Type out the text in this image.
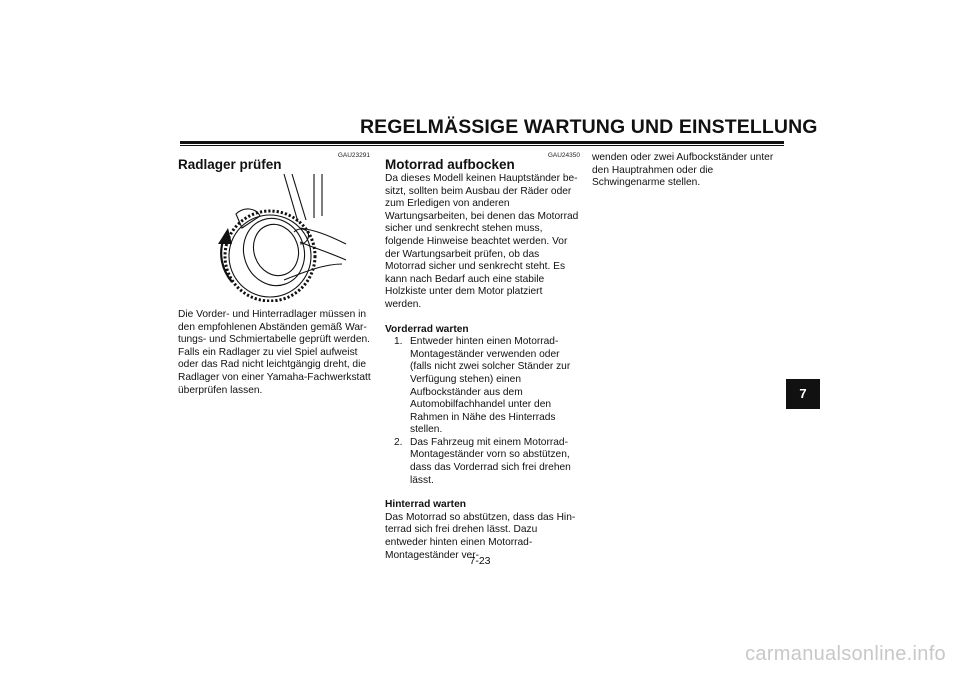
REGELMÄSSIGE WARTUNG UND EINSTELLUNG
GAU23291
Radlager prüfen

Die Vorder- und Hinterradlager müssen in den empfohlenen Abständen gemäß Wartungs- und Schmiertabelle geprüft werden. Falls ein Radlager zu viel Spiel aufweist oder das Rad nicht leichtgängig dreht, die Radlager von einer Yamaha-Fachwerkstatt überprüfen lassen.

GAU24350
Motorrad aufbocken

Da dieses Modell keinen Hauptständer besitzt, sollten beim Ausbau der Räder oder zum Erledigen von anderen Wartungsarbeiten, bei denen das Motorrad sicher und senkrecht stehen muss, folgende Hinweise beachtet werden. Vor der Wartungsarbeit prüfen, ob das Motorrad sicher und senkrecht steht. Es kann nach Bedarf auch eine stabile Holzkiste unter dem Motor platziert werden.

Vorderrad warten

1. Entweder hinten einen Motorrad-Montageständer verwenden oder (falls nicht zwei solcher Ständer zur Verfügung stehen) einen Aufbockständer aus dem Automobilfachhandel unter den Rahmen in Nähe des Hinterrads stellen.
2. Das Fahrzeug mit einem Motorrad-Montageständer vorn so abstützen, dass das Vorderrad sich frei drehen lässt.

Hinterrad warten

Das Motorrad so abstützen, dass das Hinterrad sich frei drehen lässt. Dazu entweder hinten einen Motorrad-Montageständer ver-

wenden oder zwei Aufbockständer unter den Hauptrahmen oder die Schwingenarme stellen.

7
7-23
carmanualsonline.info
